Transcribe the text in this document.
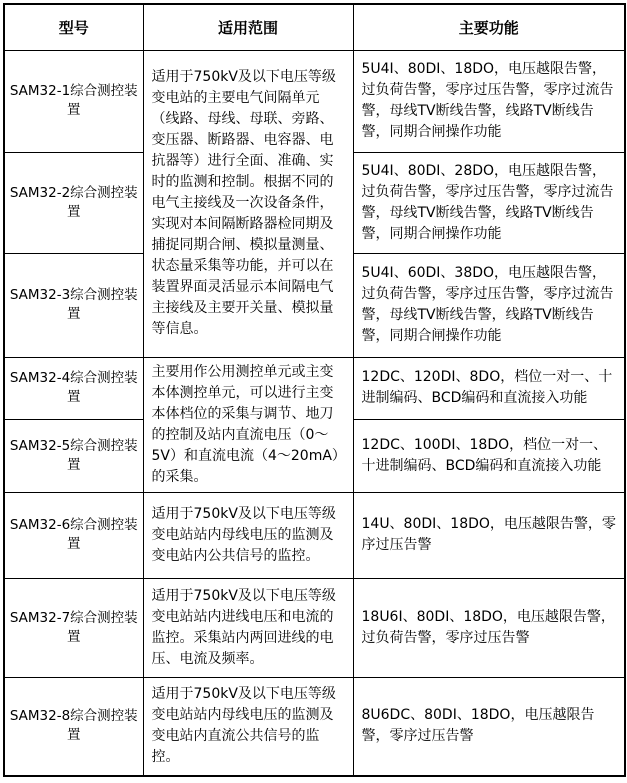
型号	适用范围	主要功能
SAM32-1综合测控装置	适用于750kV及以下电压等级变电站的主要电气间隔单元（线路、母线、母联、旁路、变压器、断路器、电容器、电抗器等）进行全面、准确、实时的监测和控制。根据不同的电气主接线及一次设备条件，实现对本间隔断路器检同期及捕捉同期合闸、模拟量测量、状态量采集等功能，并可以在装置界面灵活显示本间隔电气主接线及主要开关量、模拟量等信息。	5U4I、80DI、18DO，电压越限告警，过负荷告警，零序过压告警，零序过流告警，母线TV断线告警，线路TV断线告警，同期合闸操作功能
SAM32-2综合测控装置		5U4I、80DI、28DO，电压越限告警，过负荷告警，零序过压告警，零序过流告警，母线TV断线告警，线路TV断线告警，同期合闸操作功能
SAM32-3综合测控装置		5U4I、60DI、38DO，电压越限告警，过负荷告警，零序过压告警，零序过流告警，母线TV断线告警，线路TV断线告警，同期合闸操作功能
SAM32-4综合测控装置	主要用作公用测控单元或主变本体测控单元，可以进行主变本体档位的采集与调节、地刀的控制及站内直流电压（0～5V）和直流电流（4～20mA）的采集。	12DC、120DI、8DO，档位一对一、十进制编码、BCD编码和直流接入功能
SAM32-5综合测控装置		12DC、100DI、18DO，档位一对一、十进制编码、BCD编码和直流接入功能
SAM32-6综合测控装置	适用于750kV及以下电压等级变电站站内母线电压的监测及变电站内公共信号的监控。	14U、80DI、18DO，电压越限告警，零序过压告警
SAM32-7综合测控装置	适用于750kV及以下电压等级变电站站内进线电压和电流的监控。采集站内两回进线的电压、电流及频率。	18U6I、80DI、18DO，电压越限告警，过负荷告警，零序过压告警
SAM32-8综合测控装置	适用于750kV及以下电压等级变电站站内母线电压的监测及变电站内直流公共信号的监控。	8U6DC、80DI、18DO，电压越限告警，零序过压告警
